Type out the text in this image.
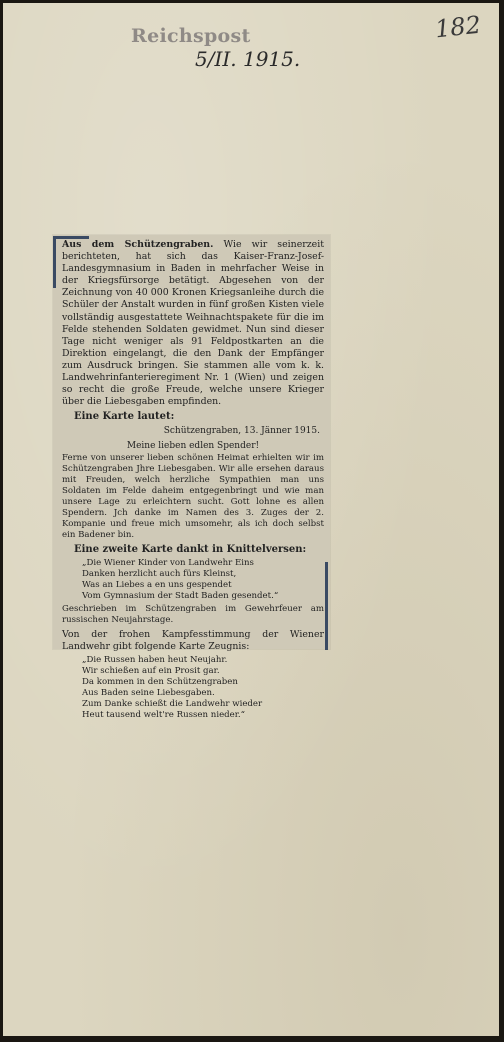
Reichspost
5/II. 1915.
182

Aus dem Schützengraben. Wie wir seinerzeit berichteten, hat sich das Kaiser-Franz-Josef-Landesgymnasium in Baden in mehrfacher Weise in der Kriegsfürsorge betätigt. Abgesehen von der Zeichnung von 40 000 Kronen Kriegsanleihe durch die Schüler der Anstalt wurden in fünf großen Kisten viele vollständig ausgestattete Weihnachtspakete für die im Felde stehenden Soldaten gewidmet. Nun sind dieser Tage nicht weniger als 91 Feldpostkarten an die Direktion eingelangt, die den Dank der Empfänger zum Ausdruck bringen. Sie stammen alle vom k. k. Landwehrinfanterieregiment Nr. 1 (Wien) und zeigen so recht die große Freude, welche unsere Krieger über die Liebesgaben empfinden.

Eine Karte lautet:
Schützengraben, 13. Jänner 1915.
Meine lieben edlen Spender!

Ferne von unserer lieben schönen Heimat erhielten wir im Schützengraben Jhre Liebesgaben. Wir alle ersehen daraus mit Freuden, welch herzliche Sympathien man uns Soldaten im Felde daheim entgegenbringt und wie man unsere Lage zu erleichtern sucht. Gott lohne es allen Spendern. Jch danke im Namen des 3. Zuges der 2. Kompanie und freue mich umsomehr, als ich doch selbst ein Badener bin.

Eine zweite Karte dankt in Knittelversen:
„Die Wiener Kinder von Landwehr Eins
Danken herzlicht auch fürs Kleinst,
Was an Liebes a en uns gespendet
Vom Gymnasium der Stadt Baden gesendet.“

Geschrieben im Schützengraben im Gewehrfeuer am russischen Neujahrstage.

Von der frohen Kampfesstimmung der Wiener Landwehr gibt folgende Karte Zeugnis:

„Die Russen haben heut Neujahr.
Wir schießen auf ein Prosit gar.
Da kommen in den Schützengraben
Aus Baden seine Liebesgaben.
Zum Danke schießt die Landwehr wieder
Heut tausend welt're Russen nieder.“
